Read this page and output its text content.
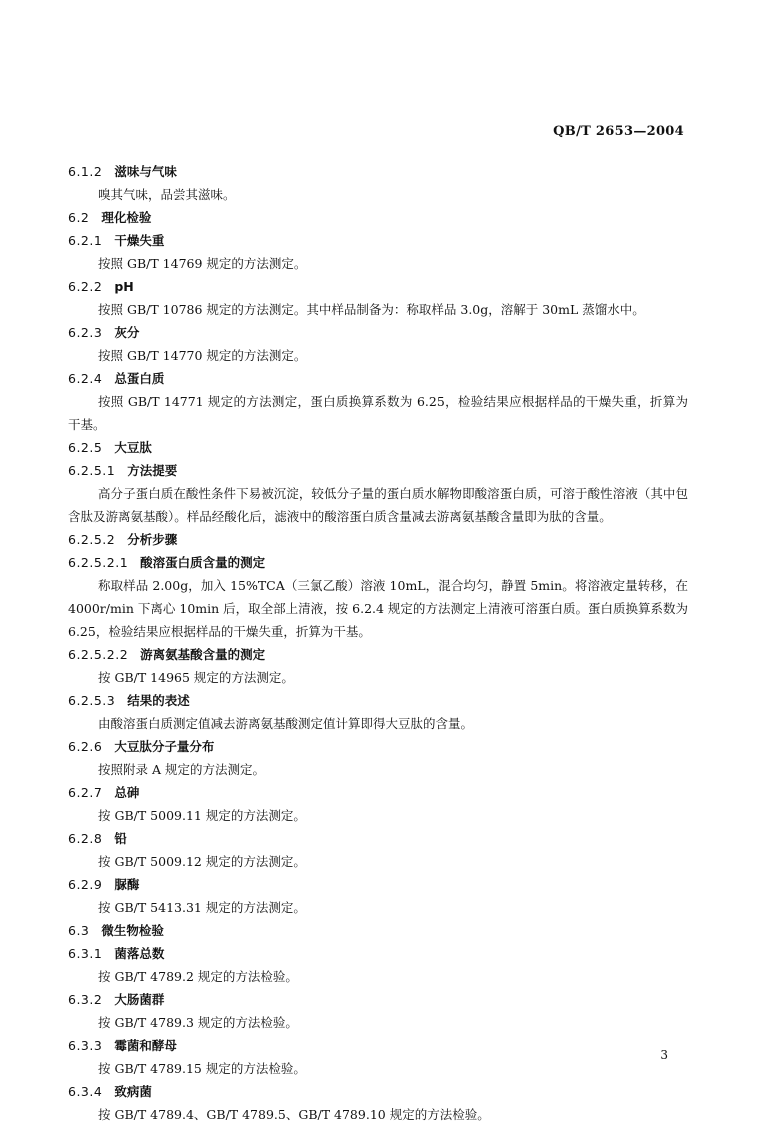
QB/T 2653—2004
6.1.2 滋味与气味
嗅其气味，品尝其滋味。
6.2 理化检验
6.2.1 干燥失重
按照 GB/T 14769 规定的方法测定。
6.2.2 pH
按照 GB/T 10786 规定的方法测定。其中样品制备为：称取样品 3.0g，溶解于 30mL 蒸馏水中。
6.2.3 灰分
按照 GB/T 14770 规定的方法测定。
6.2.4 总蛋白质
按照 GB/T 14771 规定的方法测定，蛋白质换算系数为 6.25，检验结果应根据样品的干燥失重，折算为干基。
6.2.5 大豆肽
6.2.5.1 方法提要
高分子蛋白质在酸性条件下易被沉淀，较低分子量的蛋白质水解物即酸溶蛋白质，可溶于酸性溶液（其中包含肽及游离氨基酸）。样品经酸化后，滤液中的酸溶蛋白质含量减去游离氨基酸含量即为肽的含量。
6.2.5.2 分析步骤
6.2.5.2.1 酸溶蛋白质含量的测定
称取样品 2.00g，加入 15%TCA（三氯乙酸）溶液 10mL，混合均匀，静置 5min。将溶液定量转移，在 4000r/min 下离心 10min 后，取全部上清液，按 6.2.4 规定的方法测定上清液可溶蛋白质。蛋白质换算系数为 6.25，检验结果应根据样品的干燥失重，折算为干基。
6.2.5.2.2 游离氨基酸含量的测定
按 GB/T 14965 规定的方法测定。
6.2.5.3 结果的表述
由酸溶蛋白质测定值减去游离氨基酸测定值计算即得大豆肽的含量。
6.2.6 大豆肽分子量分布
按照附录 A 规定的方法测定。
6.2.7 总砷
按 GB/T 5009.11 规定的方法测定。
6.2.8 铅
按 GB/T 5009.12 规定的方法测定。
6.2.9 脲酶
按 GB/T 5413.31 规定的方法测定。
6.3 微生物检验
6.3.1 菌落总数
按 GB/T 4789.2 规定的方法检验。
6.3.2 大肠菌群
按 GB/T 4789.3 规定的方法检验。
6.3.3 霉菌和酵母
按 GB/T 4789.15 规定的方法检验。
6.3.4 致病菌
按 GB/T 4789.4、GB/T 4789.5、GB/T 4789.10 规定的方法检验。
3
